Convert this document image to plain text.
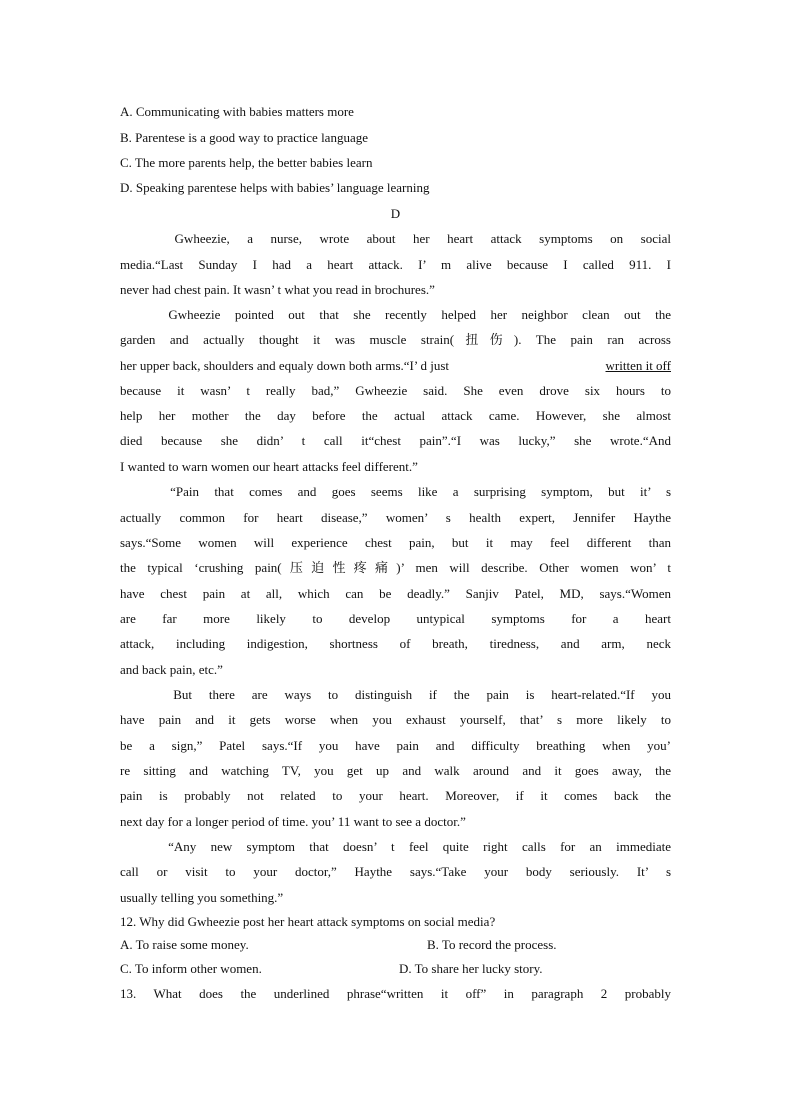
A. Communicating with babies matters more
B. Parentese is a good way to practice language
C. The more parents help, the better babies learn
D. Speaking parentese helps with babies’ language learning
D
　　Gwheezie, a nurse, wrote about her heart attack symptoms on social
media.“Last Sunday I had a heart attack. I’ m alive because I called 911. I
never had chest pain. It wasn’ t what you read in brochures.”
　　Gwheezie pointed out that she recently helped her neighbor clean out the
garden and actually thought it was muscle strain(扭伤). The pain ran across
her upper back, shoulders and equaly down both arms.“I’ d just	written it off
because it wasn’ t really bad,” Gwheezie said. She even drove six hours to
help her mother the day before the actual attack came. However, she almost
died because she didn’ t call it“chest pain”.“I was lucky,” she wrote.“And
I wanted to warn women our heart attacks feel different.”
　　“Pain that comes and goes seems like a surprising symptom, but it’ s
actually common for heart disease,” women’ s health expert, Jennifer Haythe
says.“Some women will experience chest pain, but it may feel different than
the typical ‘crushing pain(压迫性疼痛)’ men will describe. Other women won’ t
have chest pain at all, which can be deadly.” Sanjiv Patel, MD, says.“Women
are far more likely to develop untypical symptoms for a heart
attack, including indigestion, shortness of breath, tiredness, and arm, neck
and back pain, etc.”
　　But there are ways to distinguish if the pain is heart-related.“If you
have pain and it gets worse when you exhaust yourself, that’ s more likely to
be a sign,” Patel says.“If you have pain and difficulty breathing when you’
re sitting and watching TV, you get up and walk around and it goes away, the
pain is probably not related to your heart. Moreover, if it comes back the
next day for a longer period of time. you’ 11 want to see a doctor.”
　　“Any new symptom that doesn’ t feel quite right calls for an immediate
call or visit to your doctor,” Haythe says.“Take your body seriously. It’ s
usually telling you something.”
12. Why did Gwheezie post her heart attack symptoms on social media?
A. To raise some money.	B. To record the process.
C. To inform other women.	D. To share her lucky story.
13. What does the underlined phrase“written it off” in paragraph 2 probably
